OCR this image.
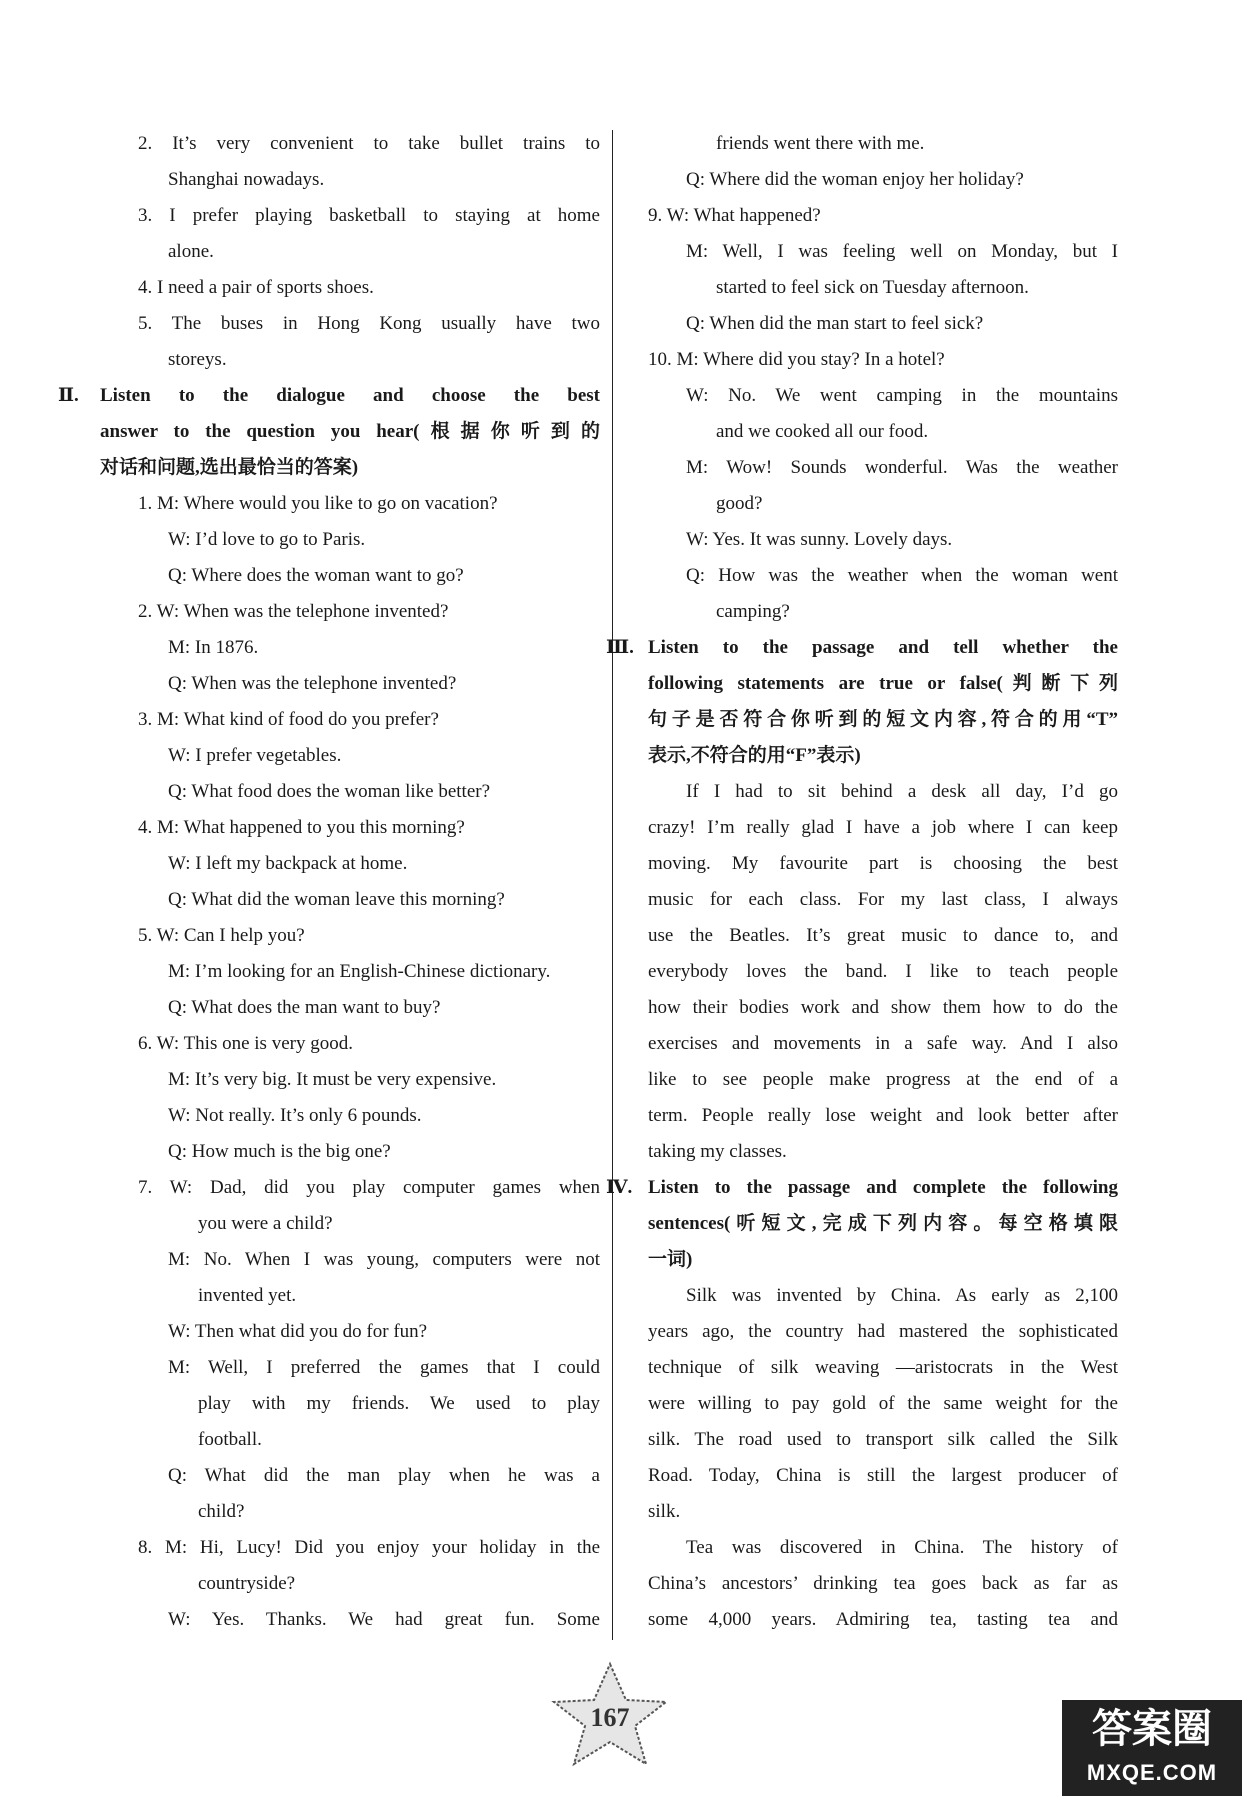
2. It’s very convenient to take bullet trains to
Shanghai nowadays.
3. I prefer playing basketball to staying at home
alone.
4. I need a pair of sports shoes.
5. The buses in Hong Kong usually have two
storeys.
Ⅱ. Listen to the dialogue and choose the best
answer to the question you hear(根据你听到的
对话和问题,选出最恰当的答案)
1. M: Where would you like to go on vacation?
W: I’d love to go to Paris.
Q: Where does the woman want to go?
2. W: When was the telephone invented?
M: In 1876.
Q: When was the telephone invented?
3. M: What kind of food do you prefer?
W: I prefer vegetables.
Q: What food does the woman like better?
4. M: What happened to you this morning?
W: I left my backpack at home.
Q: What did the woman leave this morning?
5. W: Can I help you?
M: I’m looking for an English-Chinese dictionary.
Q: What does the man want to buy?
6. W: This one is very good.
M: It’s very big. It must be very expensive.
W: Not really. It’s only 6 pounds.
Q: How much is the big one?
7. W: Dad, did you play computer games when
you were a child?
M: No. When I was young, computers were not
invented yet.
W: Then what did you do for fun?
M: Well, I preferred the games that I could
play with my friends. We used to play
football.
Q: What did the man play when he was a
child?
8. M: Hi, Lucy! Did you enjoy your holiday in the
countryside?
W: Yes. Thanks. We had great fun. Some
friends went there with me.
Q: Where did the woman enjoy her holiday?
9. W: What happened?
M: Well, I was feeling well on Monday, but I
started to feel sick on Tuesday afternoon.
Q: When did the man start to feel sick?
10. M: Where did you stay? In a hotel?
W: No. We went camping in the mountains
and we cooked all our food.
M: Wow! Sounds wonderful. Was the weather
good?
W: Yes. It was sunny. Lovely days.
Q: How was the weather when the woman went
camping?
Ⅲ. Listen to the passage and tell whether the
following statements are true or false(判断下列
句子是否符合你听到的短文内容,符合的用“T”
表示,不符合的用“F”表示)
If I had to sit behind a desk all day, I’d go
crazy! I’m really glad I have a job where I can keep
moving. My favourite part is choosing the best
music for each class. For my last class, I always
use the Beatles. It’s great music to dance to, and
everybody loves the band. I like to teach people
how their bodies work and show them how to do the
exercises and movements in a safe way. And I also
like to see people make progress at the end of a
term. People really lose weight and look better after
taking my classes.
Ⅳ. Listen to the passage and complete the following
sentences(听短文,完成下列内容。每空格填限
一词)
Silk was invented by China. As early as 2,100
years ago, the country had mastered the sophisticated
technique of silk weaving —aristocrats in the West
were willing to pay gold of the same weight for the
silk. The road used to transport silk called the Silk
Road. Today, China is still the largest producer of
silk.
Tea was discovered in China. The history of
China’s ancestors’ drinking tea goes back as far as
some 4,000 years. Admiring tea, tasting tea and
167	答案圈
MXQE.COM
